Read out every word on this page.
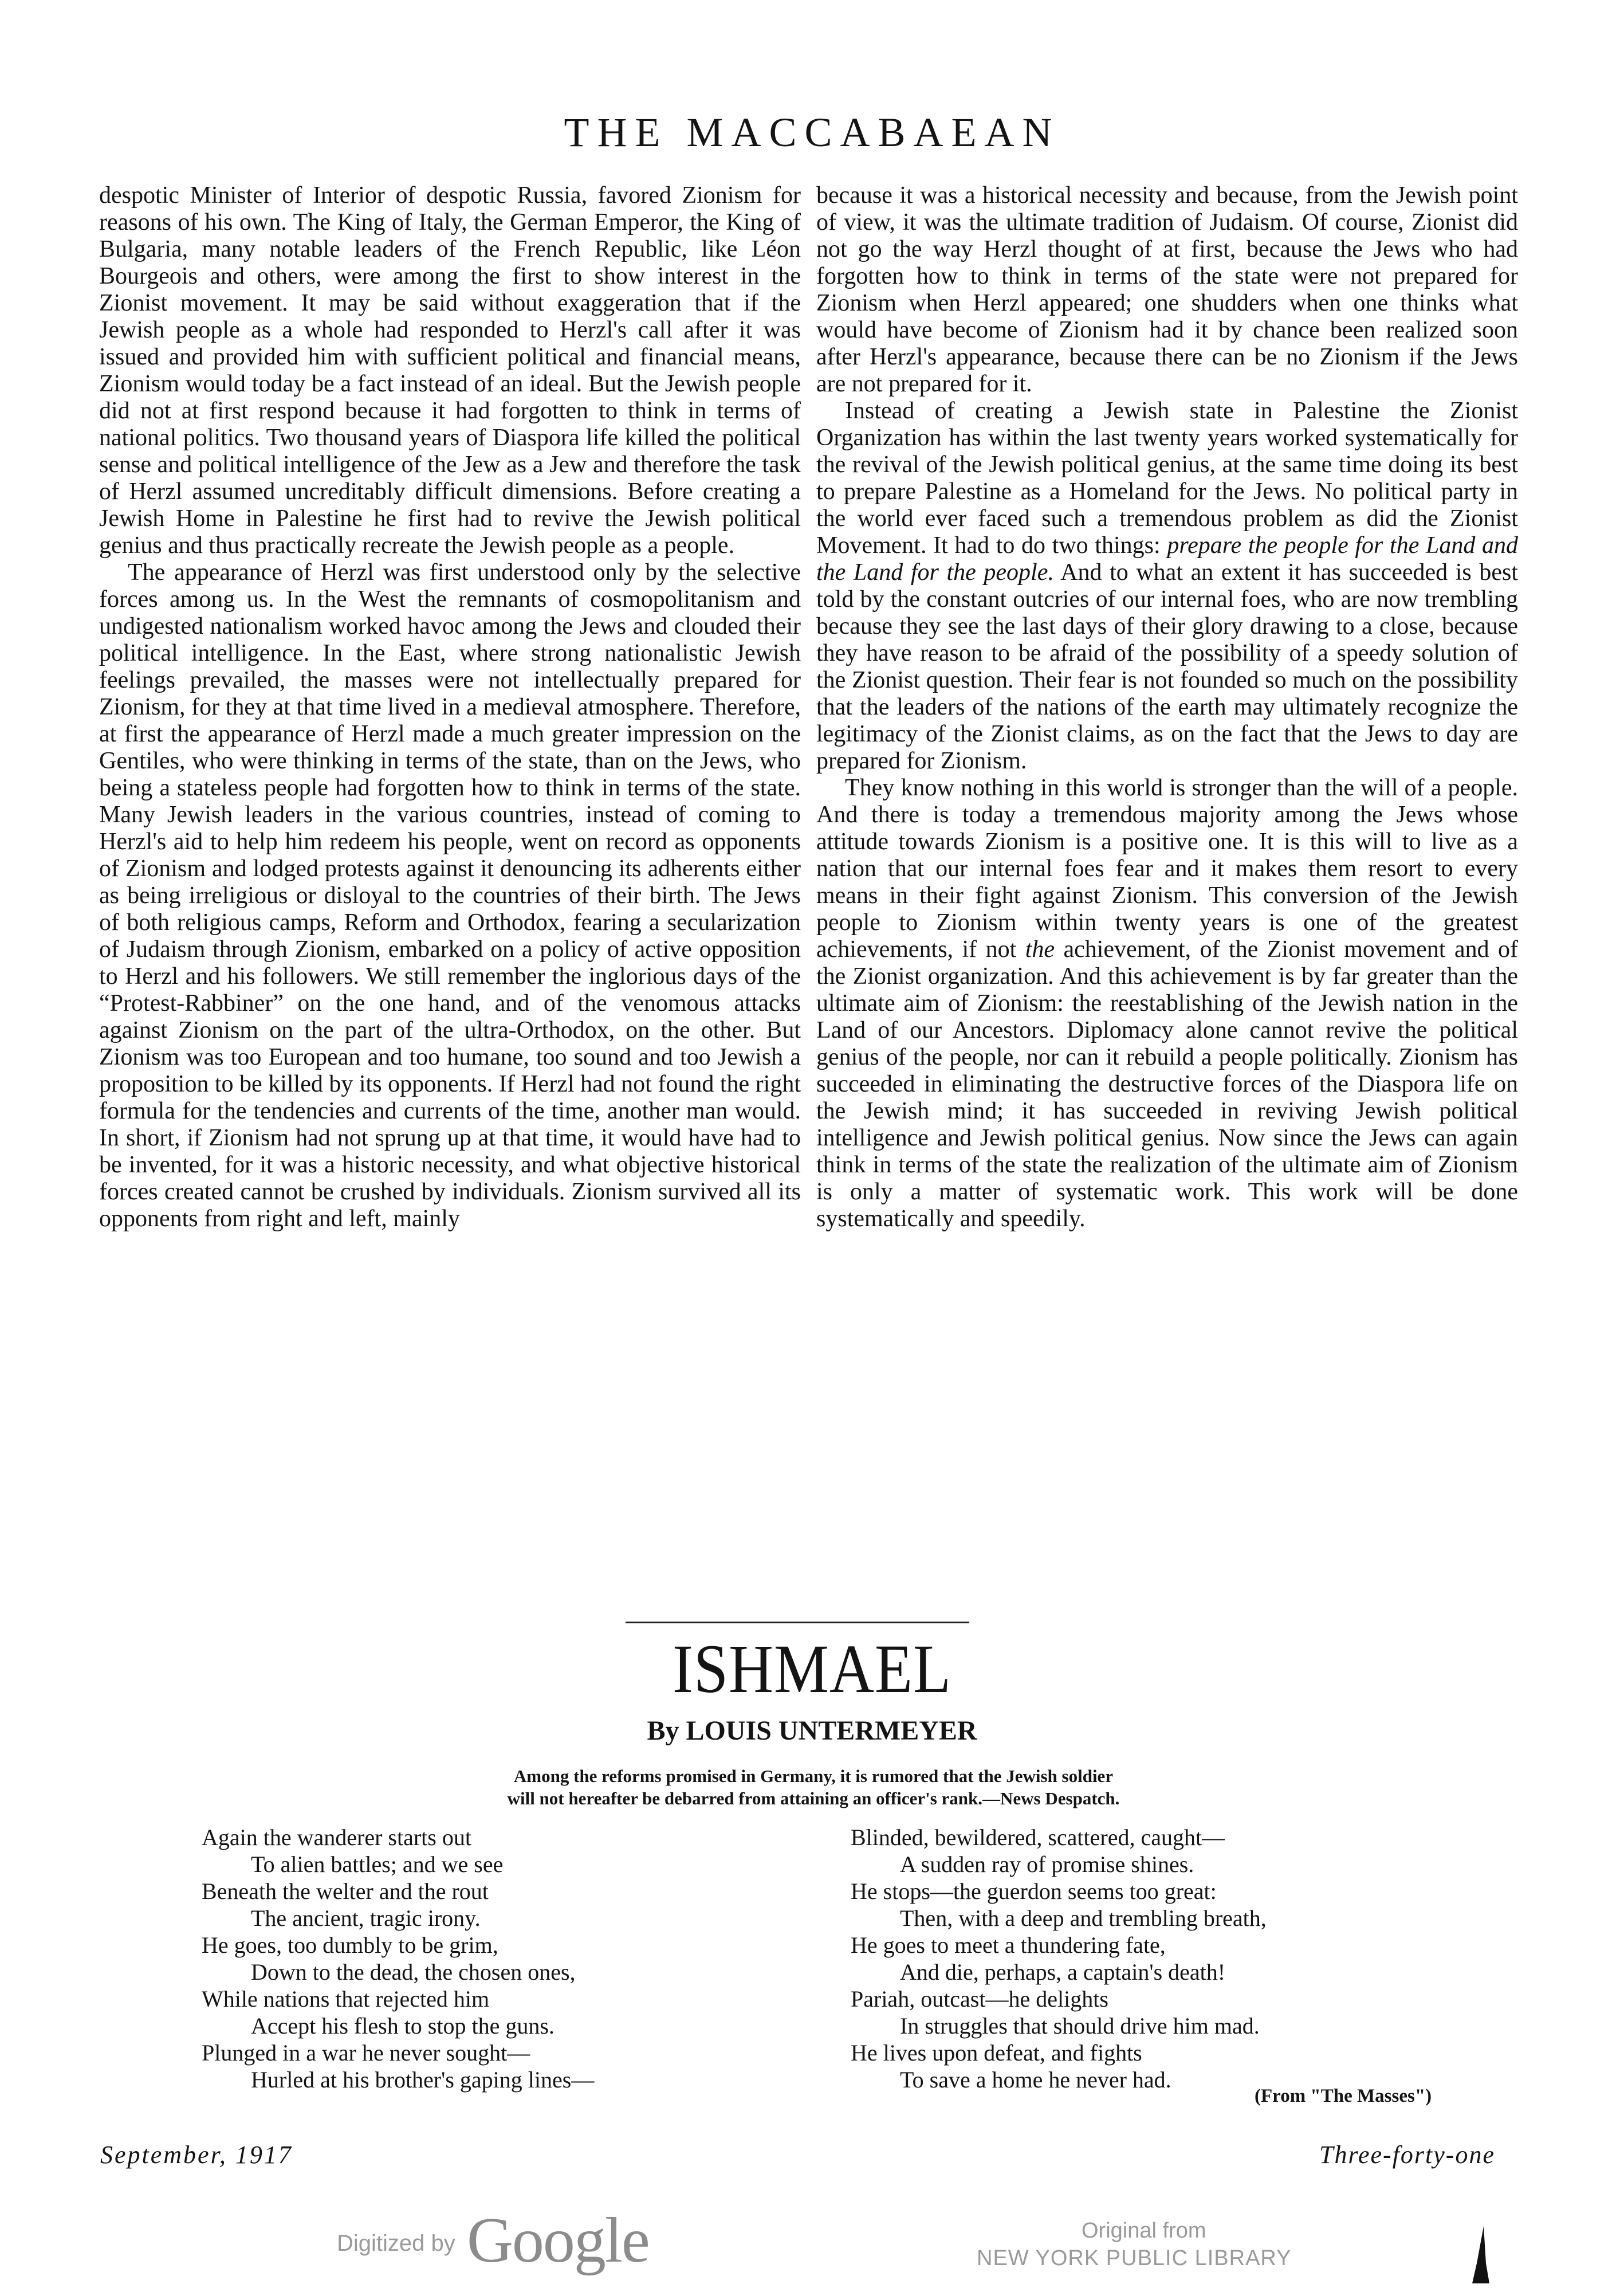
THE MACCABAEAN

despotic Minister of Interior of despotic Russia, favored Zionism for reasons of his own. The King of Italy, the German Emperor, the King of Bulgaria, many notable leaders of the French Republic, like Léon Bourgeois and others, were among the first to show interest in the Zionist movement. It may be said without exaggeration that if the Jewish people as a whole had responded to Herzl's call after it was issued and provided him with sufficient political and financial means, Zionism would today be a fact instead of an ideal. But the Jewish people did not at first respond because it had forgotten to think in terms of national politics. Two thousand years of Diaspora life killed the political sense and political intelligence of the Jew as a Jew and therefore the task of Herzl assumed uncreditably difficult dimensions. Before creating a Jewish Home in Palestine he first had to revive the Jewish political genius and thus practically recreate the Jewish people as a people.

The appearance of Herzl was first understood only by the selective forces among us. In the West the remnants of cosmopolitanism and undigested nationalism worked havoc among the Jews and clouded their political intelligence. In the East, where strong nationalistic Jewish feelings prevailed, the masses were not intellectually prepared for Zionism, for they at that time lived in a medieval atmosphere. Therefore, at first the appearance of Herzl made a much greater impression on the Gentiles, who were thinking in terms of the state, than on the Jews, who being a stateless people had forgotten how to think in terms of the state. Many Jewish leaders in the various countries, instead of coming to Herzl's aid to help him redeem his people, went on record as opponents of Zionism and lodged protests against it denouncing its adherents either as being irreligious or disloyal to the countries of their birth. The Jews of both religious camps, Reform and Orthodox, fearing a secularization of Judaism through Zionism, embarked on a policy of active opposition to Herzl and his followers. We still remember the inglorious days of the “Protest-Rabbiner” on the one hand, and of the venomous attacks against Zionism on the part of the ultra-Orthodox, on the other. But Zionism was too European and too humane, too sound and too Jewish a proposition to be killed by its opponents. If Herzl had not found the right formula for the tendencies and currents of the time, another man would. In short, if Zionism had not sprung up at that time, it would have had to be invented, for it was a historic necessity, and what objective historical forces created cannot be crushed by individuals. Zionism survived all its opponents from right and left, mainly

because it was a historical necessity and because, from the Jewish point of view, it was the ultimate tradition of Judaism. Of course, Zionist did not go the way Herzl thought of at first, because the Jews who had forgotten how to think in terms of the state were not prepared for Zionism when Herzl appeared; one shudders when one thinks what would have become of Zionism had it by chance been realized soon after Herzl's appearance, because there can be no Zionism if the Jews are not prepared for it.

Instead of creating a Jewish state in Palestine the Zionist Organization has within the last twenty years worked systematically for the revival of the Jewish political genius, at the same time doing its best to prepare Palestine as a Homeland for the Jews. No political party in the world ever faced such a tremendous problem as did the Zionist Movement. It had to do two things: prepare the people for the Land and the Land for the people. And to what an extent it has succeeded is best told by the constant outcries of our internal foes, who are now trembling because they see the last days of their glory drawing to a close, because they have reason to be afraid of the possibility of a speedy solution of the Zionist question. Their fear is not founded so much on the possibility that the leaders of the nations of the earth may ultimately recognize the legitimacy of the Zionist claims, as on the fact that the Jews to day are prepared for Zionism.

They know nothing in this world is stronger than the will of a people. And there is today a tremendous majority among the Jews whose attitude towards Zionism is a positive one. It is this will to live as a nation that our internal foes fear and it makes them resort to every means in their fight against Zionism. This conversion of the Jewish people to Zionism within twenty years is one of the greatest achievements, if not the achievement, of the Zionist movement and of the Zionist organization. And this achievement is by far greater than the ultimate aim of Zionism: the reestablishing of the Jewish nation in the Land of our Ancestors. Diplomacy alone cannot revive the political genius of the people, nor can it rebuild a people politically. Zionism has succeeded in eliminating the destructive forces of the Diaspora life on the Jewish mind; it has succeeded in reviving Jewish political intelligence and Jewish political genius. Now since the Jews can again think in terms of the state the realization of the ultimate aim of Zionism is only a matter of systematic work. This work will be done systematically and speedily.

ISHMAEL
By LOUIS UNTERMEYER
Among the reforms promised in Germany, it is rumored that the Jewish soldier
will not hereafter be debarred from attaining an officer's rank.—News Despatch.
Again the wanderer starts out
To alien battles; and we see
Beneath the welter and the rout
The ancient, tragic irony.
He goes, too dumbly to be grim,
Down to the dead, the chosen ones,
While nations that rejected him
Accept his flesh to stop the guns.
Plunged in a war he never sought—
Hurled at his brother's gaping lines—
Blinded, bewildered, scattered, caught—
A sudden ray of promise shines.
He stops—the guerdon seems too great:
Then, with a deep and trembling breath,
He goes to meet a thundering fate,
And die, perhaps, a captain's death!
Pariah, outcast—he delights
In struggles that should drive him mad.
He lives upon defeat, and fights
To save a home he never had.
(From "The Masses")
September, 1917	Three-forty-one
Digitized by Google	Original from
NEW YORK PUBLIC LIBRARY
